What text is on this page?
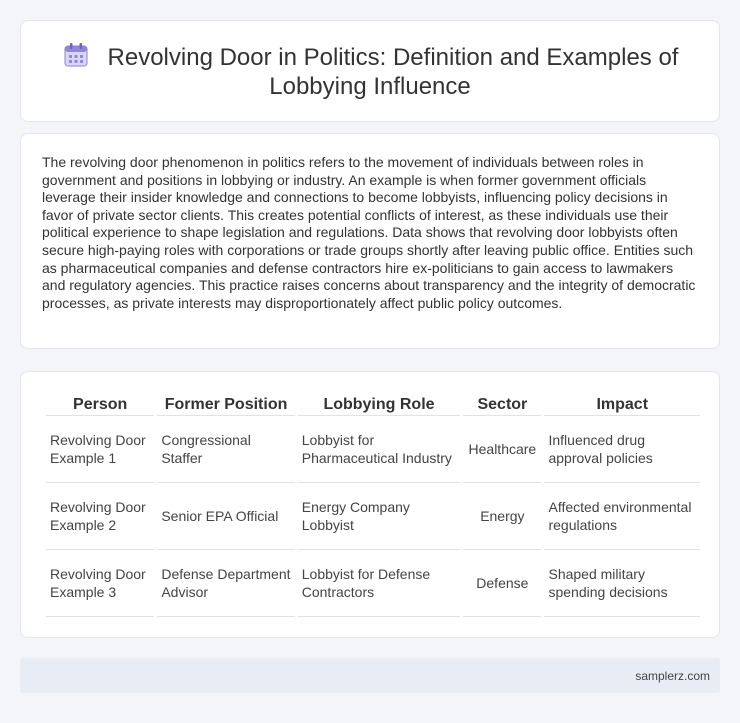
Revolving Door in Politics: Definition and Examples of Lobbying Influence

The revolving door phenomenon in politics refers to the movement of individuals between roles in government and positions in lobbying or industry. An example is when former government officials leverage their insider knowledge and connections to become lobbyists, influencing policy decisions in favor of private sector clients. This creates potential conflicts of interest, as these individuals use their political experience to shape legislation and regulations. Data shows that revolving door lobbyists often secure high-paying roles with corporations or trade groups shortly after leaving public office. Entities such as pharmaceutical companies and defense contractors hire ex-politicians to gain access to lawmakers and regulatory agencies. This practice raises concerns about transparency and the integrity of democratic processes, as private interests may disproportionately affect public policy outcomes.

Person	Former Position	Lobbying Role	Sector	Impact
Revolving Door Example 1	Congressional Staffer	Lobbyist for Pharmaceutical Industry	Healthcare	Influenced drug approval policies
Revolving Door Example 2	Senior EPA Official	Energy Company Lobbyist	Energy	Affected environmental regulations
Revolving Door Example 3	Defense Department Advisor	Lobbyist for Defense Contractors	Defense	Shaped military spending decisions
samplerz.com
